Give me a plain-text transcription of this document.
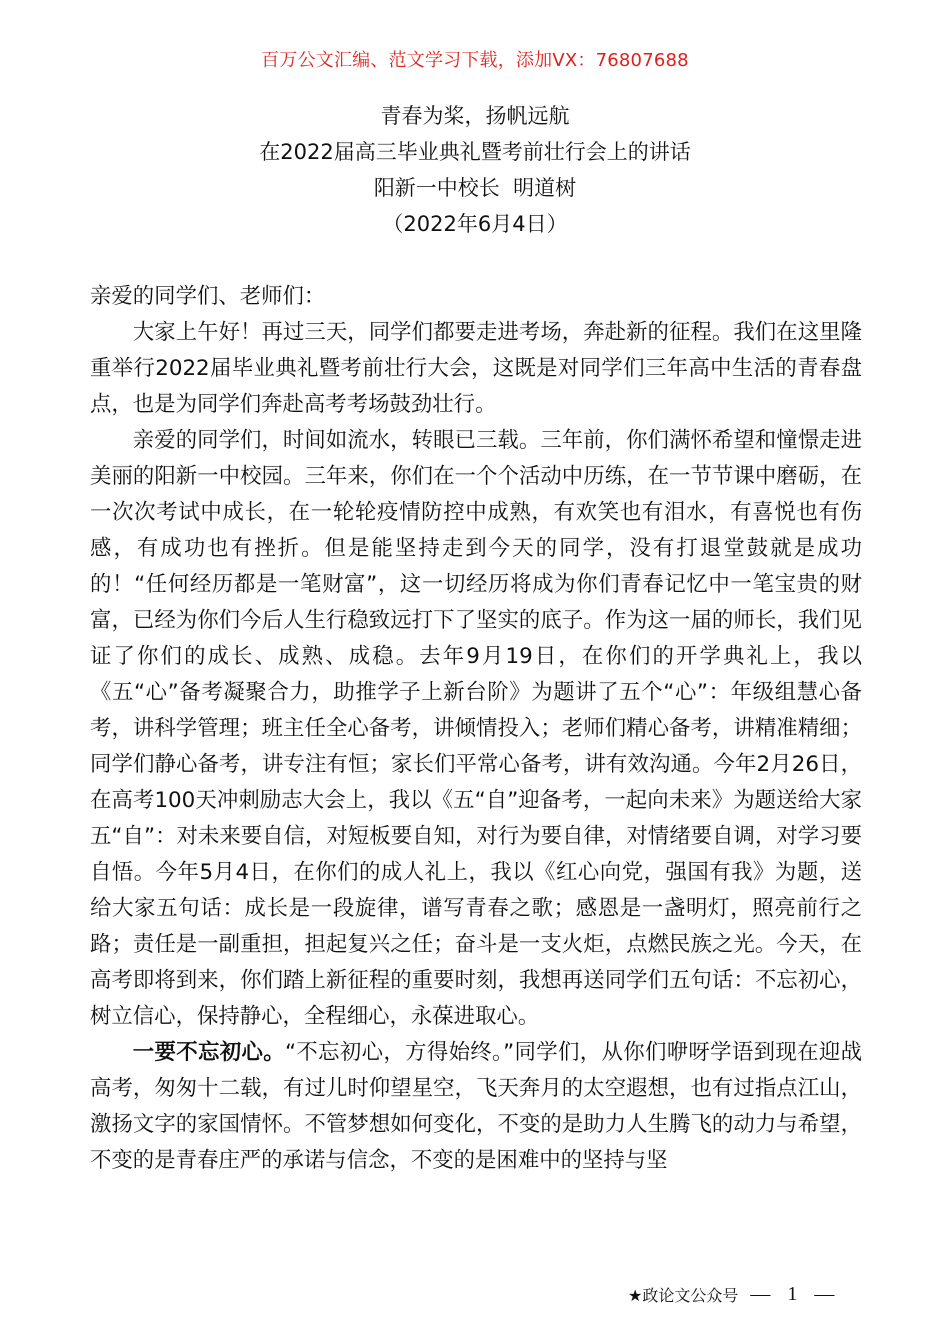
百万公文汇编、范文学习下载，添加VX：76807688
青春为桨，扬帆远航
在2022届高三毕业典礼暨考前壮行会上的讲话
阳新一中校长  明道树
（2022年6月4日）

亲爱的同学们、老师们：

大家上午好！再过三天，同学们都要走进考场，奔赴新的征程。我们在这里隆重举行2022届毕业典礼暨考前壮行大会，这既是对同学们三年高中生活的青春盘点，也是为同学们奔赴高考考场鼓劲壮行。

亲爱的同学们，时间如流水，转眼已三载。三年前，你们满怀希望和憧憬走进美丽的阳新一中校园。三年来，你们在一个个活动中历练，在一节节课中磨砺，在一次次考试中成长，在一轮轮疫情防控中成熟，有欢笑也有泪水，有喜悦也有伤感，有成功也有挫折。但是能坚持走到今天的同学，没有打退堂鼓就是成功的！“任何经历都是一笔财富”，这一切经历将成为你们青春记忆中一笔宝贵的财富，已经为你们今后人生行稳致远打下了坚实的底子。作为这一届的师长，我们见证了你们的成长、成熟、成稳。去年9月19日，在你们的开学典礼上，我以《五“心”备考凝聚合力，助推学子上新台阶》为题讲了五个“心”：年级组慧心备考，讲科学管理；班主任全心备考，讲倾情投入；老师们精心备考，讲精准精细；同学们静心备考，讲专注有恒；家长们平常心备考，讲有效沟通。今年2月26日，在高考100天冲刺励志大会上，我以《五“自”迎备考，一起向未来》为题送给大家五“自”：对未来要自信，对短板要自知，对行为要自律，对情绪要自调，对学习要自悟。今年5月4日，在你们的成人礼上，我以《红心向党，强国有我》为题，送给大家五句话：成长是一段旋律，谱写青春之歌；感恩是一盏明灯，照亮前行之路；责任是一副重担，担起复兴之任；奋斗是一支火炬，点燃民族之光。今天，在高考即将到来，你们踏上新征程的重要时刻，我想再送同学们五句话：不忘初心，树立信心，保持静心，全程细心，永葆进取心。

一要不忘初心。“不忘初心，方得始终。”同学们，从你们咿呀学语到现在迎战高考，匆匆十二载，有过儿时仰望星空，飞天奔月的太空遐想，也有过指点江山，激扬文字的家国情怀。不管梦想如何变化，不变的是助力人生腾飞的动力与希望，不变的是青春庄严的承诺与信念，不变的是困难中的坚持与坚

★政论文公众号 — 1 —
